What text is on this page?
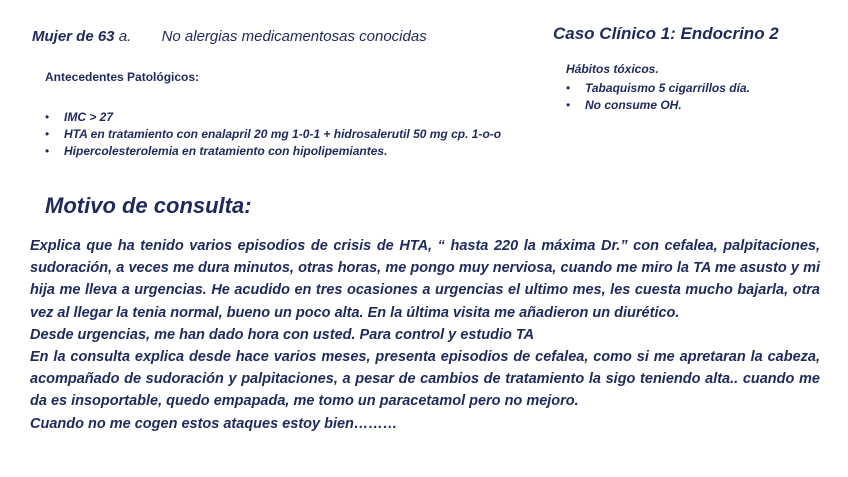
Mujer de 63 a. No alergias medicamentosas conocidas	Caso Clínico 1: Endocrino 2
Antecedentes Patológicos:
• IMC > 27
• HTA en tratamiento con enalapril 20 mg 1-0-1 + hidrosalerutil 50 mg cp. 1-o-o
• Hipercolesterolemia en tratamiento con hipolipemiantes.
Hábitos tóxicos.
• Tabaquismo 5 cigarrillos día.
• No consume OH.
Motivo de consulta:

Explica que ha tenido varios episodios de crisis de HTA, “ hasta 220 la máxima Dr.” con cefalea, palpitaciones, sudoración, a veces me dura minutos, otras horas, me pongo muy nerviosa, cuando me miro la TA me asusto y mi hija me lleva a urgencias. He acudido en tres ocasiones a urgencias el ultimo mes, les cuesta mucho bajarla, otra vez al llegar la tenia normal, bueno un poco alta. En la última visita me añadieron un diurético.

Desde urgencias, me han dado hora con usted. Para control y estudio TA

En la consulta explica desde hace varios meses, presenta episodios de cefalea, como si me apretaran la cabeza, acompañado de sudoración y palpitaciones, a pesar de cambios de tratamiento la sigo teniendo alta.. cuando me da es insoportable, quedo empapada, me tomo un paracetamol pero no mejoro.

Cuando no me cogen estos ataques estoy bien………
